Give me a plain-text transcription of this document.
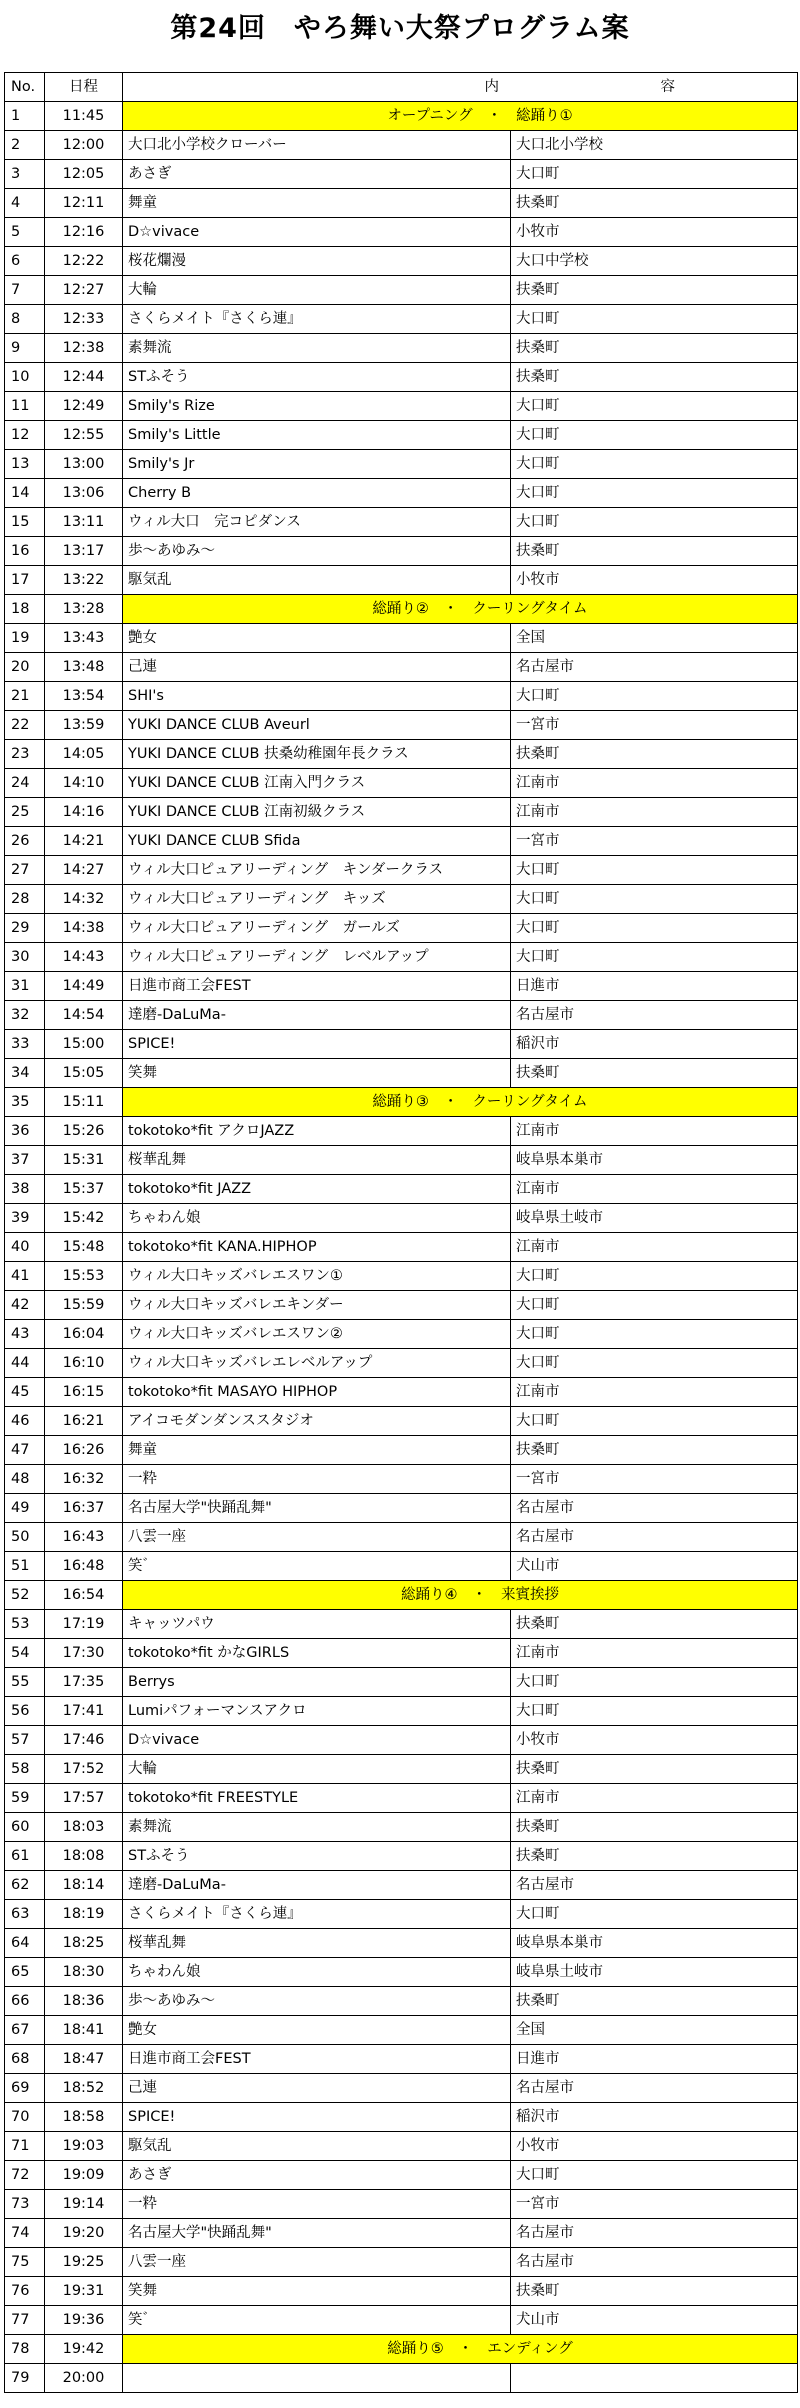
第24回　やろ舞い大祭プログラム案
No.	日程	内 容	
1	11:45	オープニング　・　総踊り①	
2	12:00	大口北小学校クローバー	大口北小学校
3	12:05	あさぎ	大口町
4	12:11	舞童	扶桑町
5	12:16	D☆vivace	小牧市
6	12:22	桜花爛漫	大口中学校
7	12:27	大輪	扶桑町
8	12:33	さくらメイト『さくら連』	大口町
9	12:38	素舞流	扶桑町
10	12:44	STふそう	扶桑町
11	12:49	Smily's Rize	大口町
12	12:55	Smily's Little	大口町
13	13:00	Smily's Jr	大口町
14	13:06	Cherry B	大口町
15	13:11	ウィル大口　完コピダンス	大口町
16	13:17	歩～あゆみ～	扶桑町
17	13:22	駆気乱	小牧市
18	13:28	総踊り②　・　クーリングタイム	
19	13:43	艶女	全国
20	13:48	己連	名古屋市
21	13:54	SHI's	大口町
22	13:59	YUKI DANCE CLUB Aveurl	一宮市
23	14:05	YUKI DANCE CLUB 扶桑幼稚園年長クラス	扶桑町
24	14:10	YUKI DANCE CLUB 江南入門クラス	江南市
25	14:16	YUKI DANCE CLUB 江南初級クラス	江南市
26	14:21	YUKI DANCE CLUB Sfida	一宮市
27	14:27	ウィル大口ピュアリーディング　キンダークラス	大口町
28	14:32	ウィル大口ピュアリーディング　キッズ	大口町
29	14:38	ウィル大口ピュアリーディング　ガールズ	大口町
30	14:43	ウィル大口ピュアリーディング　レベルアップ	大口町
31	14:49	日進市商工会FEST	日進市
32	14:54	達磨-DaLuMa-	名古屋市
33	15:00	SPICE!	稲沢市
34	15:05	笑舞	扶桑町
35	15:11	総踊り③　・　クーリングタイム	
36	15:26	tokotoko*fit アクロJAZZ	江南市
37	15:31	桜華乱舞	岐阜県本巣市
38	15:37	tokotoko*fit JAZZ	江南市
39	15:42	ちゃわん娘	岐阜県土岐市
40	15:48	tokotoko*fit KANA.HIPHOP	江南市
41	15:53	ウィル大口キッズバレエスワン①	大口町
42	15:59	ウィル大口キッズバレエキンダー	大口町
43	16:04	ウィル大口キッズバレエスワン②	大口町
44	16:10	ウィル大口キッズバレエレベルアップ	大口町
45	16:15	tokotoko*fit MASAYO HIPHOP	江南市
46	16:21	アイコモダンダンススタジオ	大口町
47	16:26	舞童	扶桑町
48	16:32	一粋	一宮市
49	16:37	名古屋大学"快踊乱舞"	名古屋市
50	16:43	八雲一座	名古屋市
51	16:48	笑゛	犬山市
52	16:54	総踊り④　・　来賓挨拶	
53	17:19	キャッツパウ	扶桑町
54	17:30	tokotoko*fit かなGIRLS	江南市
55	17:35	Berrys	大口町
56	17:41	Lumiパフォーマンスアクロ	大口町
57	17:46	D☆vivace	小牧市
58	17:52	大輪	扶桑町
59	17:57	tokotoko*fit FREESTYLE	江南市
60	18:03	素舞流	扶桑町
61	18:08	STふそう	扶桑町
62	18:14	達磨-DaLuMa-	名古屋市
63	18:19	さくらメイト『さくら連』	大口町
64	18:25	桜華乱舞	岐阜県本巣市
65	18:30	ちゃわん娘	岐阜県土岐市
66	18:36	歩～あゆみ～	扶桑町
67	18:41	艶女	全国
68	18:47	日進市商工会FEST	日進市
69	18:52	己連	名古屋市
70	18:58	SPICE!	稲沢市
71	19:03	駆気乱	小牧市
72	19:09	あさぎ	大口町
73	19:14	一粋	一宮市
74	19:20	名古屋大学"快踊乱舞"	名古屋市
75	19:25	八雲一座	名古屋市
76	19:31	笑舞	扶桑町
77	19:36	笑゛	犬山市
78	19:42	総踊り⑤　・　エンディング	
79	20:00		
